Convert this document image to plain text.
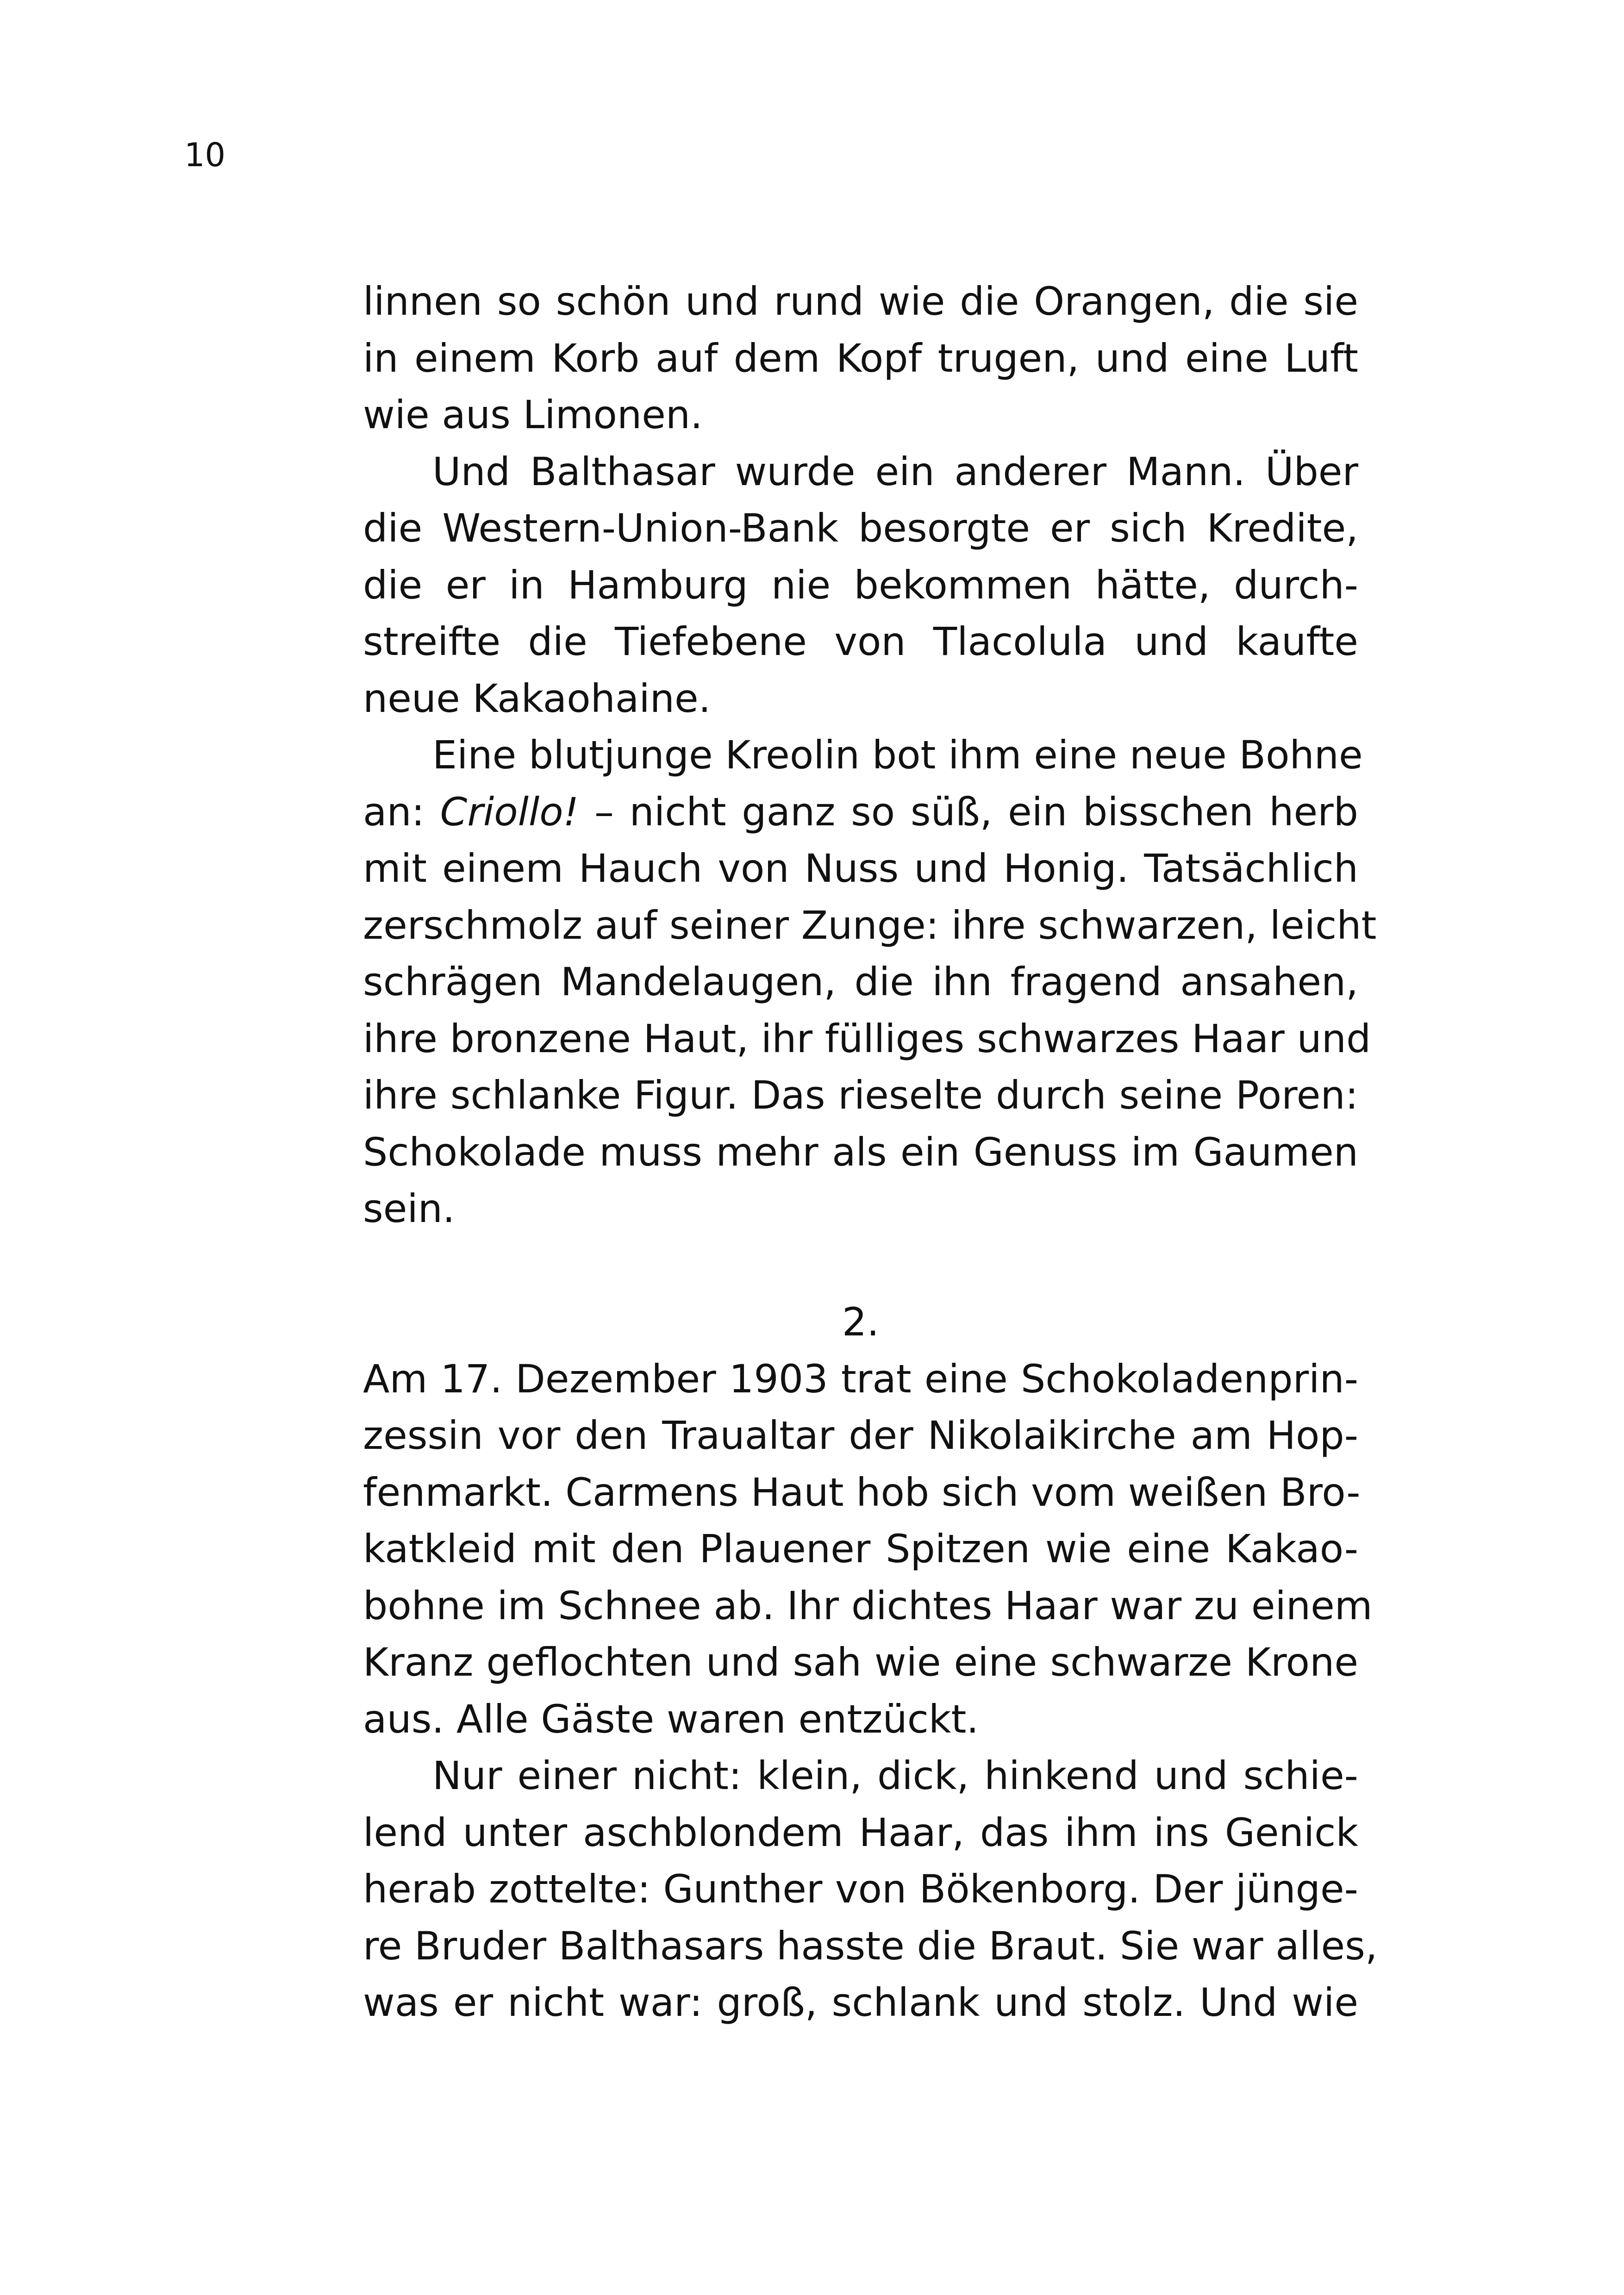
10
linnen so schön und rund wie die Orangen, die sie
in einem Korb auf dem Kopf trugen, und eine Luft
wie aus Limonen.
Und Balthasar wurde ein anderer Mann. Über
die Western-Union-Bank besorgte er sich Kredite,
die er in Hamburg nie bekommen hätte, durch-
streifte die Tiefebene von Tlacolula und kaufte
neue Kakaohaine.
Eine blutjunge Kreolin bot ihm eine neue Bohne
an: Criollo! – nicht ganz so süß, ein bisschen herb
mit einem Hauch von Nuss und Honig. Tatsächlich
zerschmolz auf seiner Zunge: ihre schwarzen, leicht
schrägen Mandelaugen, die ihn fragend ansahen,
ihre bronzene Haut, ihr fülliges schwarzes Haar und
ihre schlanke Figur. Das rieselte durch seine Poren:
Schokolade muss mehr als ein Genuss im Gaumen
sein.
2.
Am 17. Dezember 1903 trat eine Schokoladenprin-
zessin vor den Traualtar der Nikolaikirche am Hop-
fenmarkt. Carmens Haut hob sich vom weißen Bro-
katkleid mit den Plauener Spitzen wie eine Kakao-
bohne im Schnee ab. Ihr dichtes Haar war zu einem
Kranz geflochten und sah wie eine schwarze Krone
aus. Alle Gäste waren entzückt.
Nur einer nicht: klein, dick, hinkend und schie-
lend unter aschblondem Haar, das ihm ins Genick
herab zottelte: Gunther von Bökenborg. Der jünge-
re Bruder Balthasars hasste die Braut. Sie war alles,
was er nicht war: groß, schlank und stolz. Und wie
